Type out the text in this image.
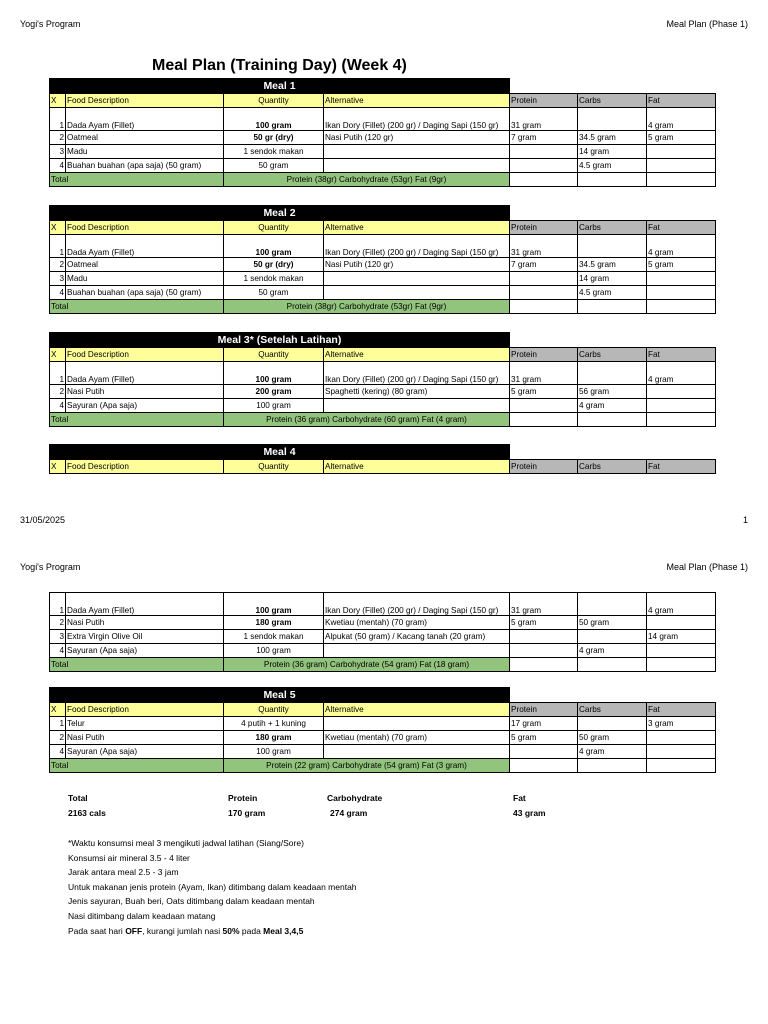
Yogi's Program	Meal Plan (Phase 1)
Meal Plan (Training Day) (Week 4)
Meal 1						
X	Food Description	Quantity	Alternative	Protein	Carbs	Fat
1	Dada Ayam (Fillet)	100 gram	Ikan Dory (Fillet) (200 gr) / Daging Sapi (150 gr)	31 gram		4 gram
2	Oatmeal	50 gr (dry)	Nasi Putih (120 gr)	7 gram	34.5 gram	5 gram
3	Madu	1 sendok makan			14 gram	
4	Buahan buahan (apa saja) (50 gram)	50 gram			4.5 gram	
Total		Protein (38gr) Carbohydrate (53gr) Fat (9gr)				
Meal 2						
X	Food Description	Quantity	Alternative	Protein	Carbs	Fat
1	Dada Ayam (Fillet)	100 gram	Ikan Dory (Fillet) (200 gr) / Daging Sapi (150 gr)	31 gram		4 gram
2	Oatmeal	50 gr (dry)	Nasi Putih (120 gr)	7 gram	34.5 gram	5 gram
3	Madu	1 sendok makan			14 gram	
4	Buahan buahan (apa saja) (50 gram)	50 gram			4.5 gram	
Total		Protein (38gr) Carbohydrate (53gr) Fat (9gr)				
Meal 3* (Setelah Latihan)						
X	Food Description	Quantity	Alternative	Protein	Carbs	Fat
1	Dada Ayam (Fillet)	100 gram	Ikan Dory (Fillet) (200 gr) / Daging Sapi (150 gr)	31 gram		4 gram
2	Nasi Putih	200 gram	Spaghetti (kering) (80 gram)	5 gram	56 gram	
4	Sayuran (Apa saja)	100 gram			4 gram	
Total		Protein (36 gram) Carbohydrate (60 gram) Fat (4 gram)				
Meal 4						
X	Food Description	Quantity	Alternative	Protein	Carbs	Fat
31/05/2025	1
Yogi's Program	Meal Plan (Phase 1)
1	Dada Ayam (Fillet)	100 gram	Ikan Dory (Fillet) (200 gr) / Daging Sapi (150 gr)	31 gram		4 gram
2	Nasi Putih	180 gram	Kwetiau (mentah) (70 gram)	5 gram	50 gram	
3	Extra Virgin Olive Oil	1 sendok makan	Alpukat (50 gram) / Kacang tanah (20 gram)			14 gram
4	Sayuran (Apa saja)	100 gram			4 gram	
Total		Protein (36 gram) Carbohydrate (54 gram) Fat (18 gram)				
Meal 5						
X	Food Description	Quantity	Alternative	Protein	Carbs	Fat
1	Telur	4 putih + 1 kuning		17 gram		3 gram
2	Nasi Putih	180 gram	Kwetiau (mentah) (70 gram)	5 gram	50 gram	
4	Sayuran (Apa saja)	100 gram			4 gram	
Total		Protein (22 gram) Carbohydrate (54 gram) Fat (3 gram)				
Total	Protein	Carbohydrate	Fat
2163 cals	170 gram	274 gram	43 gram
*Waktu konsumsi meal 3 mengikuti jadwal latihan (Siang/Sore)
Konsumsi air mineral 3.5 - 4 liter
Jarak antara meal 2.5 - 3 jam
Untuk makanan jenis protein (Ayam, Ikan) ditimbang dalam keadaan mentah
Jenis sayuran, Buah beri, Oats ditimbang dalam keadaan mentah
Nasi ditimbang dalam keadaan matang
Pada saat hari OFF, kurangi jumlah nasi 50% pada Meal 3,4,5
